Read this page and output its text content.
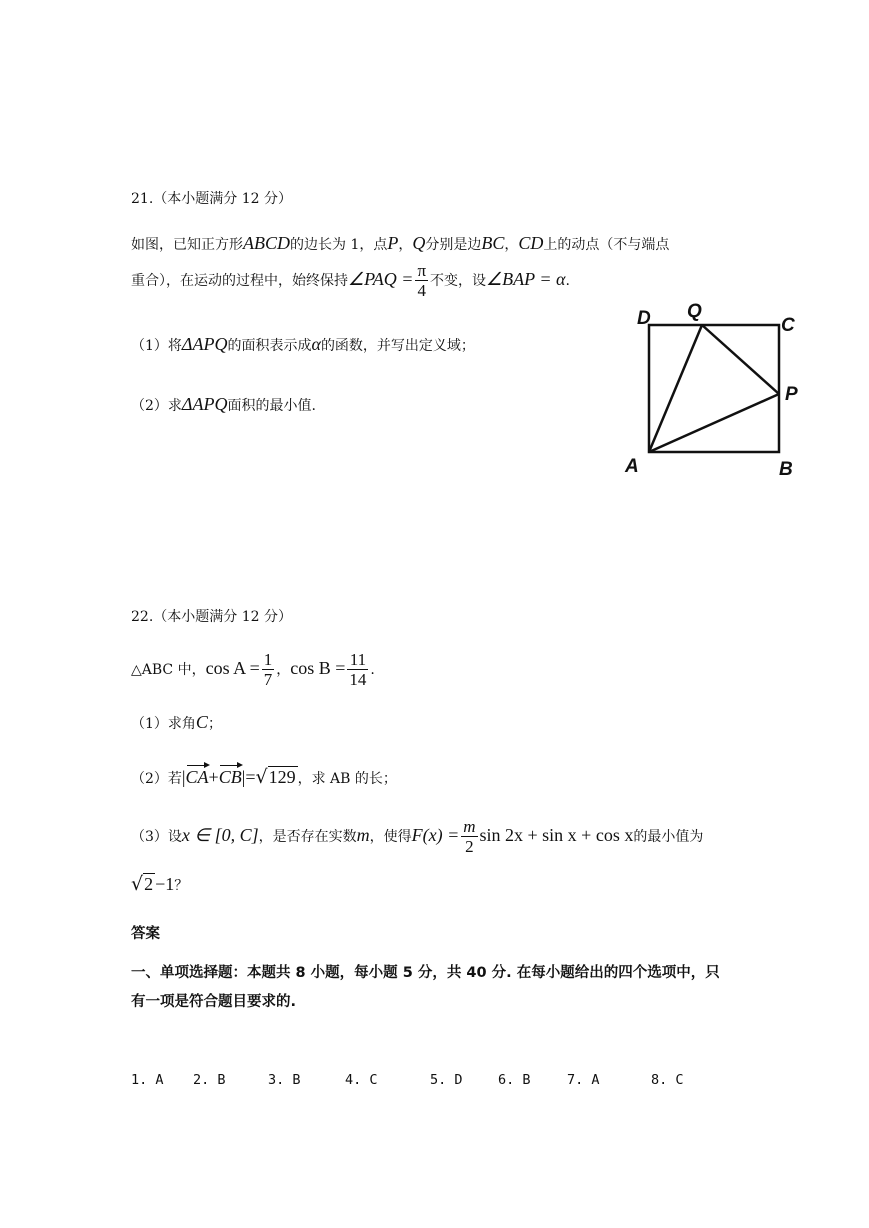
21.（本小题满分 12 分）
如图，已知正方形ABCD的边长为 1，点P，Q分别是边BC，CD上的动点（不与端点
重合），在运动的过程中，始终保持∠PAQ = $\frac{\pi}{4}$ 不变，设∠BAP = α.
（1）将ΔAPQ的面积表示成α的函数，并写出定义域；
（2）求ΔAPQ面积的最小值.
D Q
C
P
A	B
22.（本小题满分 12 分）
△ABC 中，$\cos A = \frac{1}{7}$ ，$\cos B = \frac{11}{14}$ .
（1）求角C；
（2）若|CA+CB|=√129 ，求 AB 的长；
（3）设x ∈ [0, C]，是否存在实数m，使得$F(x) = \frac{m}{2}$ sin 2x + sin x + cos x的最小值为
√2 −1？
答案
一、单项选择题：本题共 8 小题，每小题 5 分，共 40 分. 在每小题给出的四个选项中，只
有一项是符合题目要求的.
1. A 2. B	3. B	4. C	5. D	6. B	7. A	8. C
